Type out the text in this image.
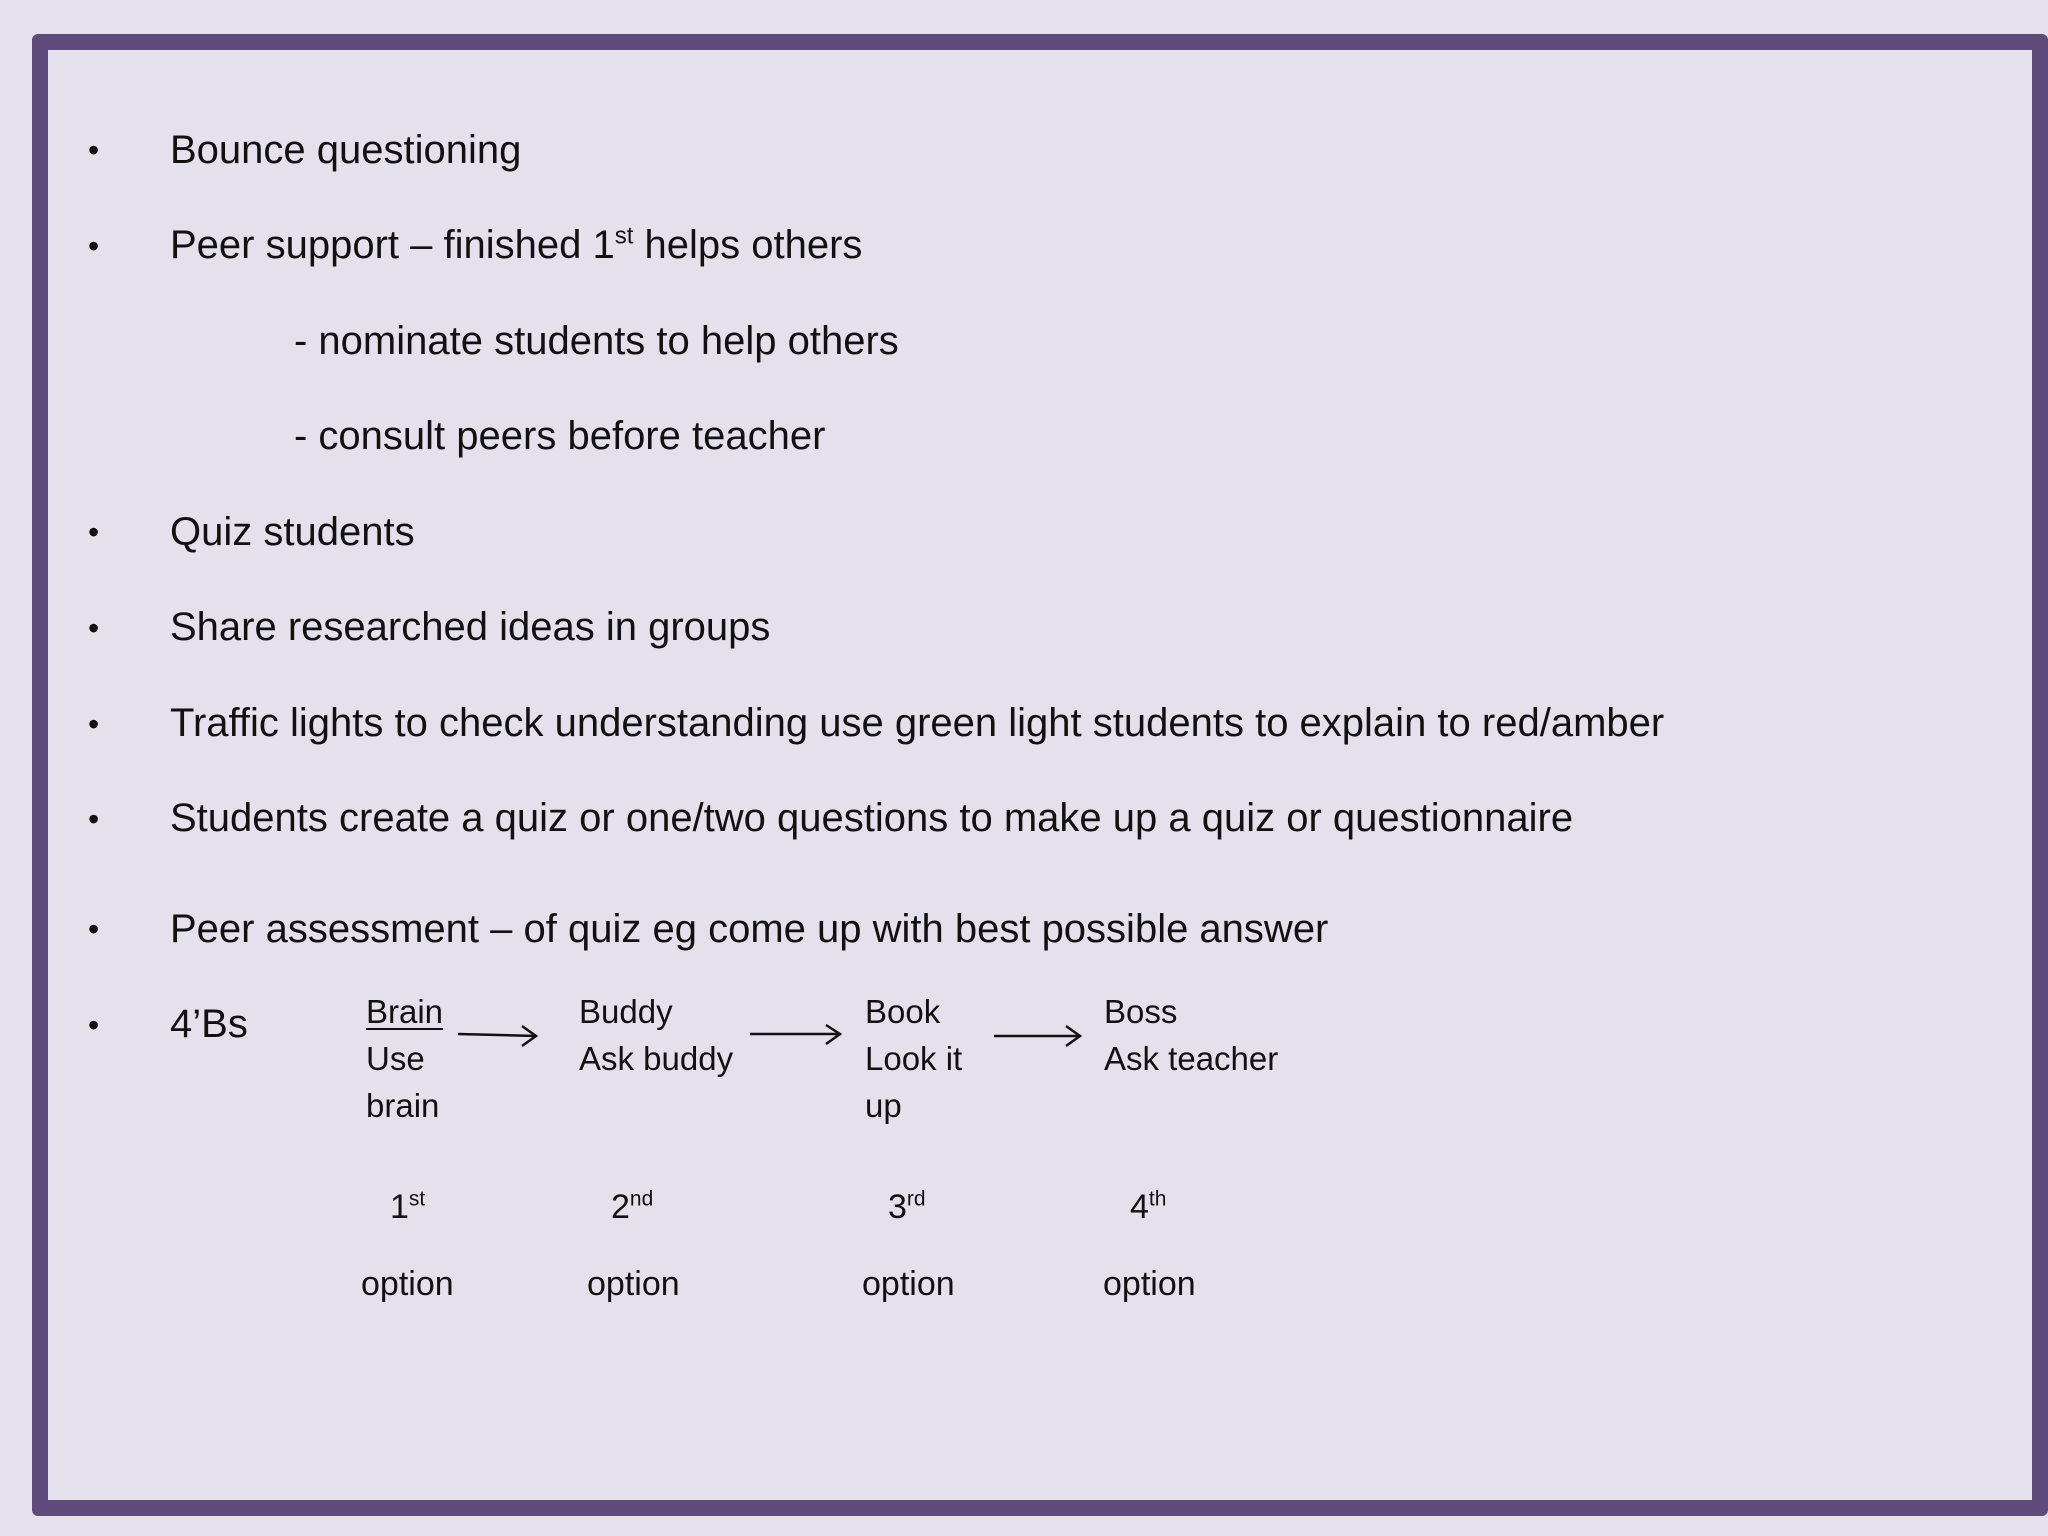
• Bounce questioning
• Peer support – finished 1st helps others
- nominate students to help others
- consult peers before teacher
• Quiz students
• Share researched ideas in groups
• Traffic lights to check understanding use green light students to explain to red/amber
• Students create a quiz or one/two questions to make up a quiz or questionnaire
• Peer assessment – of quiz eg come up with best possible answer
• 4’Bs	Brain
Use
brain
Buddy
Ask buddy
Book
Look it
up
Boss
Ask teacher
1st	2nd	3rd	4th
option	option	option	option
